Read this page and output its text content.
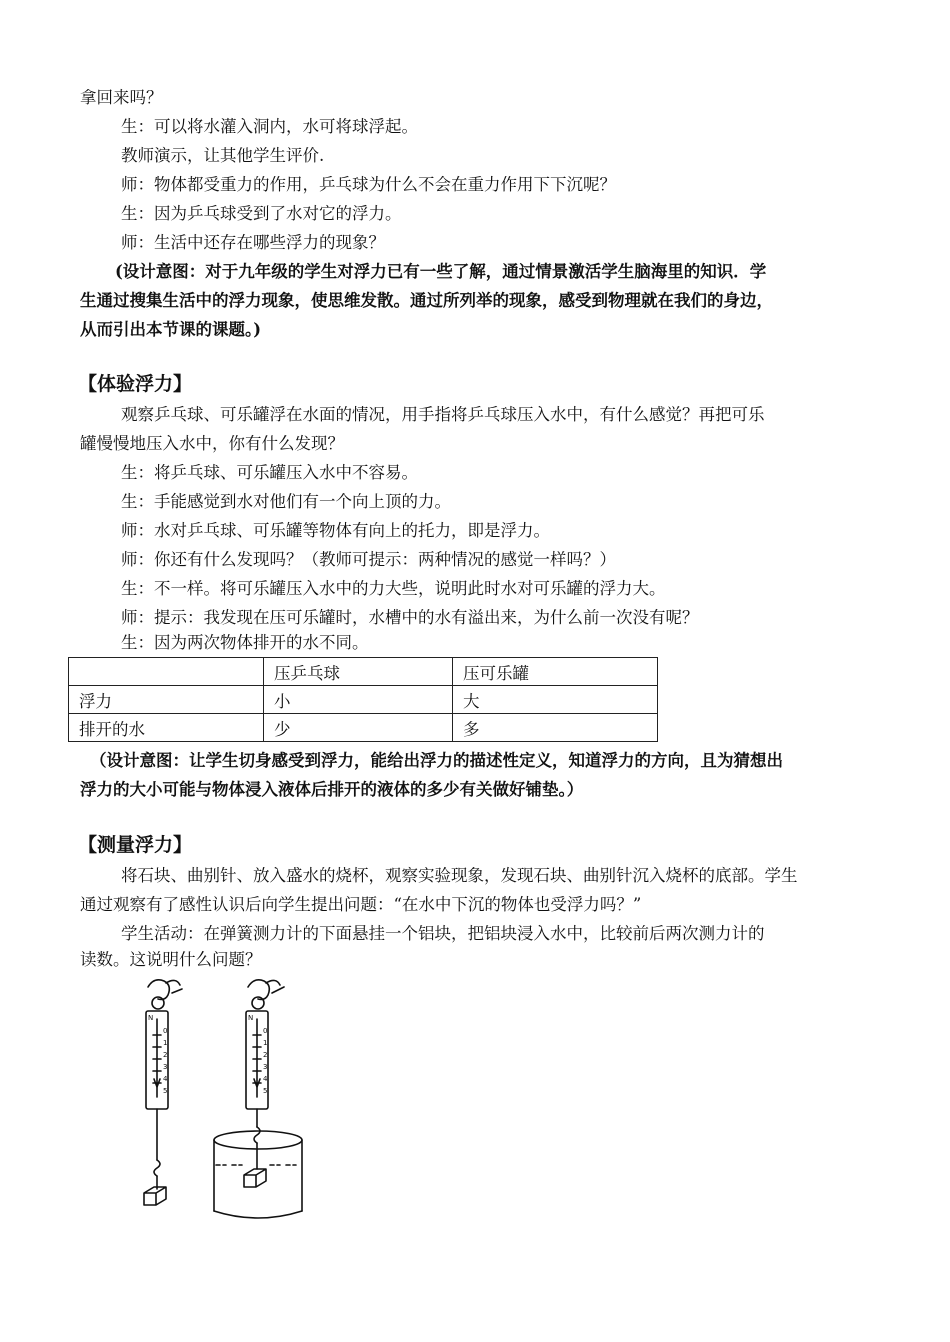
拿回来吗？
生：可以将水灌入洞内，水可将球浮起。
教师演示，让其他学生评价.
师：物体都受重力的作用，乒乓球为什么不会在重力作用下下沉呢？
生：因为乒乓球受到了水对它的浮力。
师：生活中还存在哪些浮力的现象？
(设计意图：对于九年级的学生对浮力已有一些了解，通过情景激活学生脑海里的知识．学
生通过搜集生活中的浮力现象，使思维发散。通过所列举的现象，感受到物理就在我们的身边，
从而引出本节课的课题。)
【体验浮力】
观察乒乓球、可乐罐浮在水面的情况，用手指将乒乓球压入水中，有什么感觉？再把可乐
罐慢慢地压入水中，你有什么发现？
生：将乒乓球、可乐罐压入水中不容易。
生：手能感觉到水对他们有一个向上顶的力。
师：水对乒乓球、可乐罐等物体有向上的托力，即是浮力。
师：你还有什么发现吗？（教师可提示：两种情况的感觉一样吗？）
生：不一样。将可乐罐压入水中的力大些，说明此时水对可乐罐的浮力大。
师：提示：我发现在压可乐罐时，水槽中的水有溢出来，为什么前一次没有呢？
生：因为两次物体排开的水不同。
	压乒乓球	压可乐罐
浮力	小	大
排开的水	少	多
（设计意图：让学生切身感受到浮力，能给出浮力的描述性定义，知道浮力的方向，且为猜想出
浮力的大小可能与物体浸入液体后排开的液体的多少有关做好铺垫。）
【测量浮力】
将石块、曲别针、放入盛水的烧杯，观察实验现象，发现石块、曲别针沉入烧杯的底部。学生
通过观察有了感性认识后向学生提出问题：“在水中下沉的物体也受浮力吗？”
学生活动：在弹簧测力计的下面悬挂一个铝块，把铝块浸入水中，比较前后两次测力计的
读数。这说明什么问题？
N
0
1
2
3
4
5
N
0
1
2
3
4
5
